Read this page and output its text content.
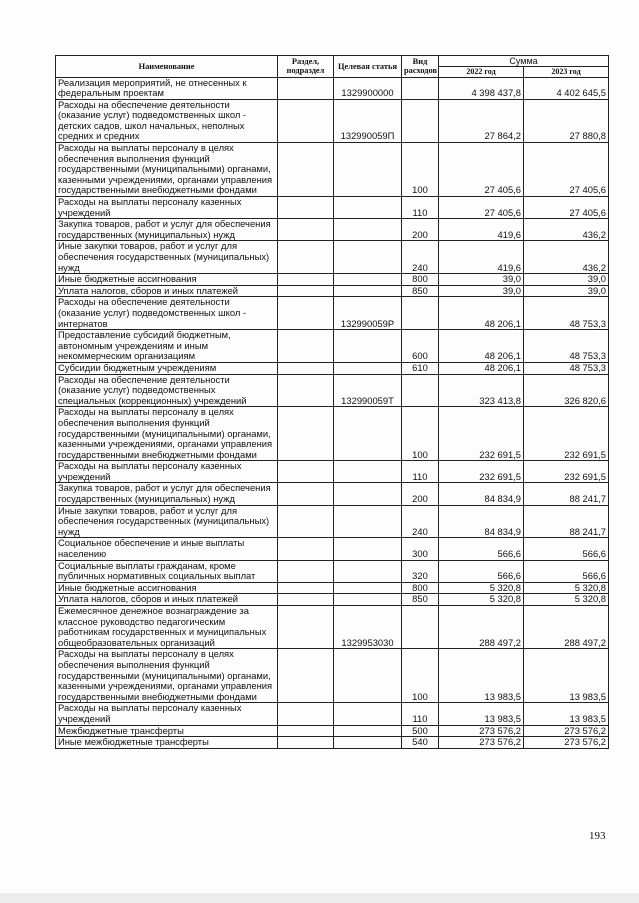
Наименование	Раздел, подраздел	Целевая статья	Вид расходов	Сумма	
				2022 год	2023 год
Реализация мероприятий, не отнесенных к федеральным проектам		1329900000		4 398 437,8	4 402 645,5
Расходы на обеспечение деятельности (оказание услуг) подведомственных школ - детских садов, школ начальных, неполных средних и средних		132990059П		27 864,2	27 880,8
Расходы на выплаты персоналу в целях обеспечения выполнения функций государственными (муниципальными) органами, казенными учреждениями, органами управления государственными внебюджетными фондами			100	27 405,6	27 405,6
Расходы на выплаты персоналу казенных учреждений			110	27 405,6	27 405,6
Закупка товаров, работ и услуг для обеспечения государственных (муниципальных) нужд			200	419,6	436,2
Иные закупки товаров, работ и услуг для обеспечения государственных (муниципальных) нужд			240	419,6	436,2
Иные бюджетные ассигнования			800	39,0	39,0
Уплата налогов, сборов и иных платежей			850	39,0	39,0
Расходы на обеспечение деятельности (оказание услуг) подведомственных школ - интернатов		132990059Р		48 206,1	48 753,3
Предоставление субсидий бюджетным, автономным учреждениям и иным некоммерческим организациям			600	48 206,1	48 753,3
Субсидии бюджетным учреждениям			610	48 206,1	48 753,3
Расходы на обеспечение деятельности (оказание услуг) подведомственных специальных (коррекционных) учреждений		132990059Т		323 413,8	326 820,6
Расходы на выплаты персоналу в целях обеспечения выполнения функций государственными (муниципальными) органами, казенными учреждениями, органами управления государственными внебюджетными фондами			100	232 691,5	232 691,5
Расходы на выплаты персоналу казенных учреждений			110	232 691,5	232 691,5
Закупка товаров, работ и услуг для обеспечения государственных (муниципальных) нужд			200	84 834,9	88 241,7
Иные закупки товаров, работ и услуг для обеспечения государственных (муниципальных) нужд			240	84 834,9	88 241,7
Социальное обеспечение и иные выплаты населению			300	566,6	566,6
Социальные выплаты гражданам, кроме публичных нормативных социальных выплат			320	566,6	566,6
Иные бюджетные ассигнования			800	5 320,8	5 320,8
Уплата налогов, сборов и иных платежей			850	5 320,8	5 320,8
Ежемесячное денежное вознаграждение за классное руководство педагогическим работникам государственных и муниципальных общеобразовательных организаций		1329953030		288 497,2	288 497,2
Расходы на выплаты персоналу в целях обеспечения выполнения функций государственными (муниципальными) органами, казенными учреждениями, органами управления государственными внебюджетными фондами			100	13 983,5	13 983,5
Расходы на выплаты персоналу казенных учреждений			110	13 983,5	13 983,5
Межбюджетные трансферты			500	273 576,2	273 576,2
Иные межбюджетные трансферты			540	273 576,2	273 576,2
193
